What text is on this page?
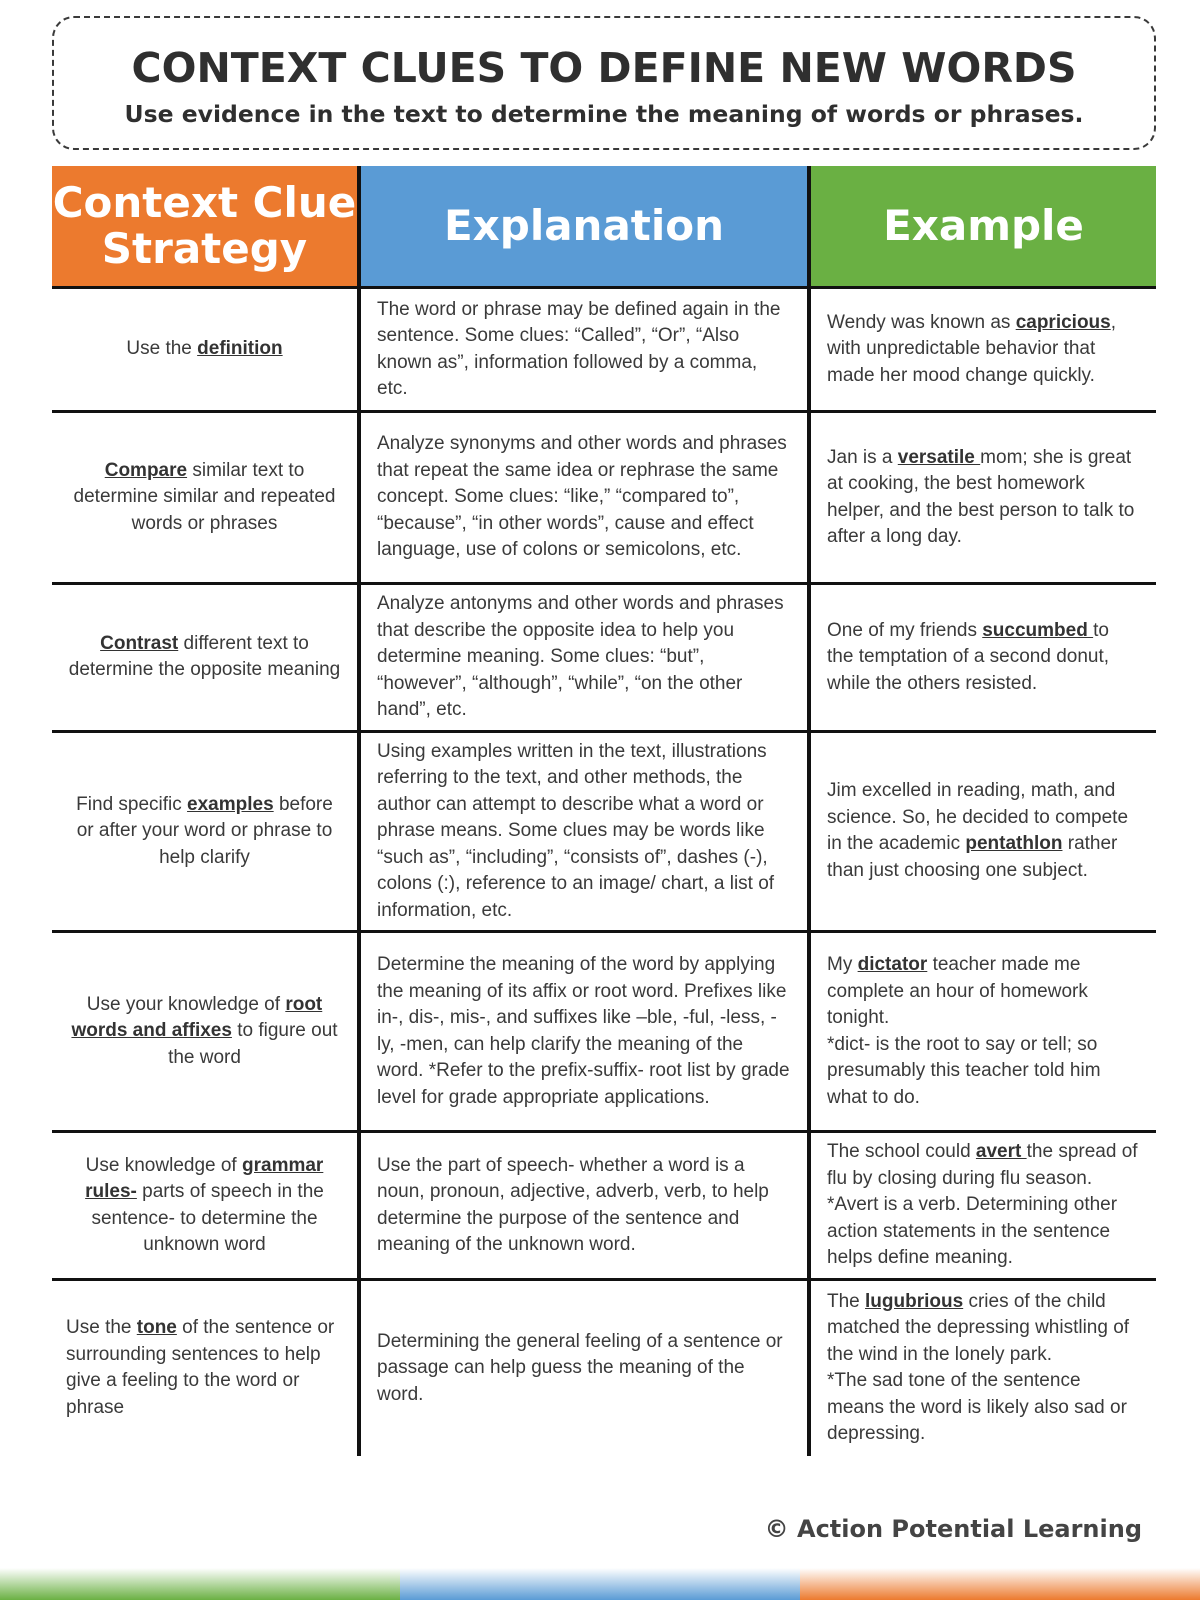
CONTEXT CLUES TO DEFINE NEW WORDS
Use evidence in the text to determine the meaning of words or phrases.
Context Clue Strategy	Explanation	Example
Use the definition	The word or phrase may be defined again in the sentence. Some clues: “Called”, “Or”, “Also known as”, information followed by a comma, etc.	Wendy was known as capricious, with unpredictable behavior that made her mood change quickly.
Compare similar text to determine similar and repeated words or phrases	Analyze synonyms and other words and phrases that repeat the same idea or rephrase the same concept. Some clues: “like,” “compared to”, “because”, “in other words”, cause and effect language, use of colons or semicolons, etc.	Jan is a versatile mom; she is great at cooking, the best homework helper, and the best person to talk to after a long day.
Contrast different text to determine the opposite meaning	Analyze antonyms and other words and phrases that describe the opposite idea to help you determine meaning. Some clues: “but”, “however”, “although”, “while”, “on the other hand”, etc.	One of my friends succumbed to the temptation of a second donut, while the others resisted.
Find specific examples before or after your word or phrase to help clarify	Using examples written in the text, illustrations referring to the text, and other methods, the author can attempt to describe what a word or phrase means. Some clues may be words like “such as”, “including”, “consists of”, dashes (-), colons (:), reference to an image/ chart, a list of information, etc.	Jim excelled in reading, math, and science. So, he decided to compete in the academic pentathlon rather than just choosing one subject.
Use your knowledge of root words and affixes to figure out the word	Determine the meaning of the word by applying the meaning of its affix or root word. Prefixes like in-, dis-, mis-, and suffixes like –ble, -ful, -less, -ly, -men, can help clarify the meaning of the word. *Refer to the prefix-suffix- root list by grade level for grade appropriate applications.	My dictator teacher made me complete an hour of homework tonight.
*dict- is the root to say or tell; so presumably this teacher told him what to do.
Use knowledge of grammar rules- parts of speech in the sentence- to determine the unknown word	Use the part of speech- whether a word is a noun, pronoun, adjective, adverb, verb, to help determine the purpose of the sentence and meaning of the unknown word.	The school could avert the spread of flu by closing during flu season.
*Avert is a verb. Determining other action statements in the sentence helps define meaning.
Use the tone of the sentence or surrounding sentences to help give a feeling to the word or phrase	Determining the general feeling of a sentence or passage can help guess the meaning of the word.	The lugubrious cries of the child matched the depressing whistling of the wind in the lonely park.
*The sad tone of the sentence means the word is likely also sad or depressing.
© Action Potential Learning
